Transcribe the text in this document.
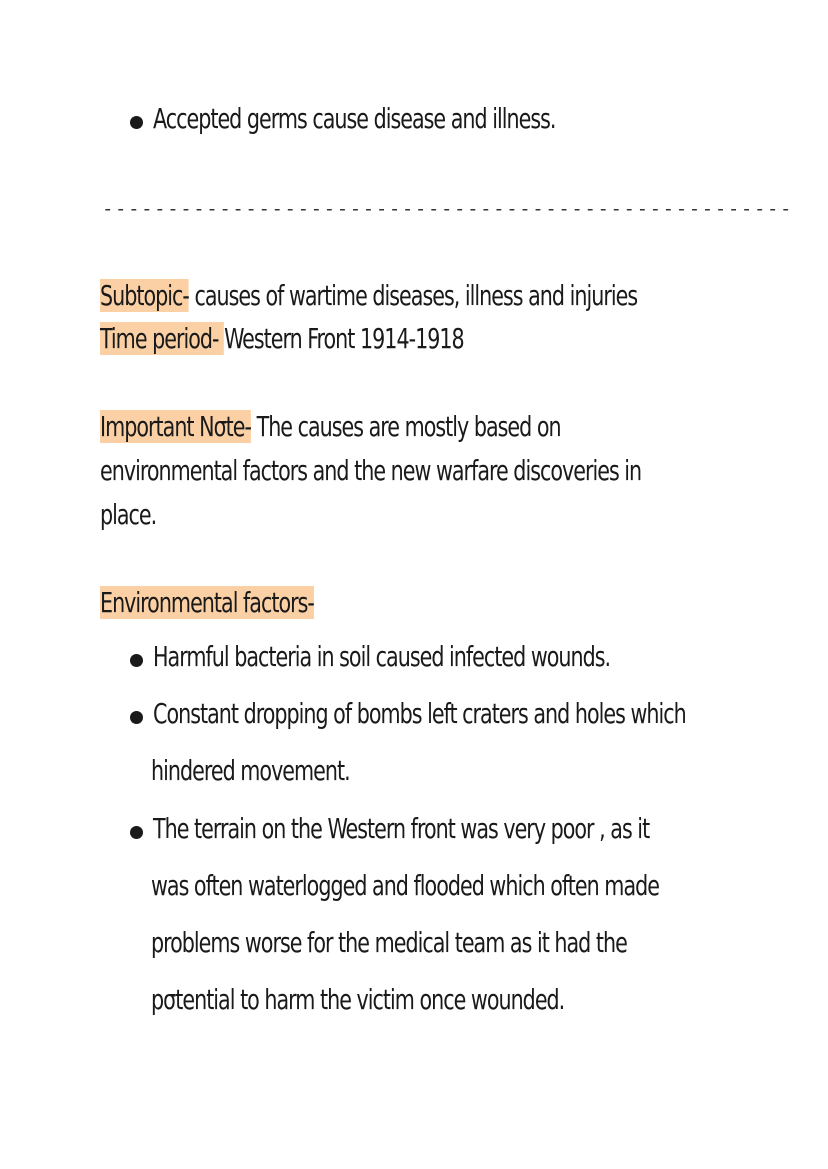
Accepted germs cause disease and illness.
-----------------------------------------------------
Subtopic- causes of wartime diseases, illness and injuries
Time period- Western Front 1914-1918
Important Nσte- The causes are mostly based on
environmental factors and the new warfare discoveries in
place.
Environmental factors-
Harmful bacteria in soil caused infected wounds.
Constant dropping of bombs left craters and holes which
hindered movement.
The terrain on the Western front was very poor , as it
was often waterlogged and flooded which often made
problems worse for the medical team as it had the
pσtential to harm the victim once wounded.
